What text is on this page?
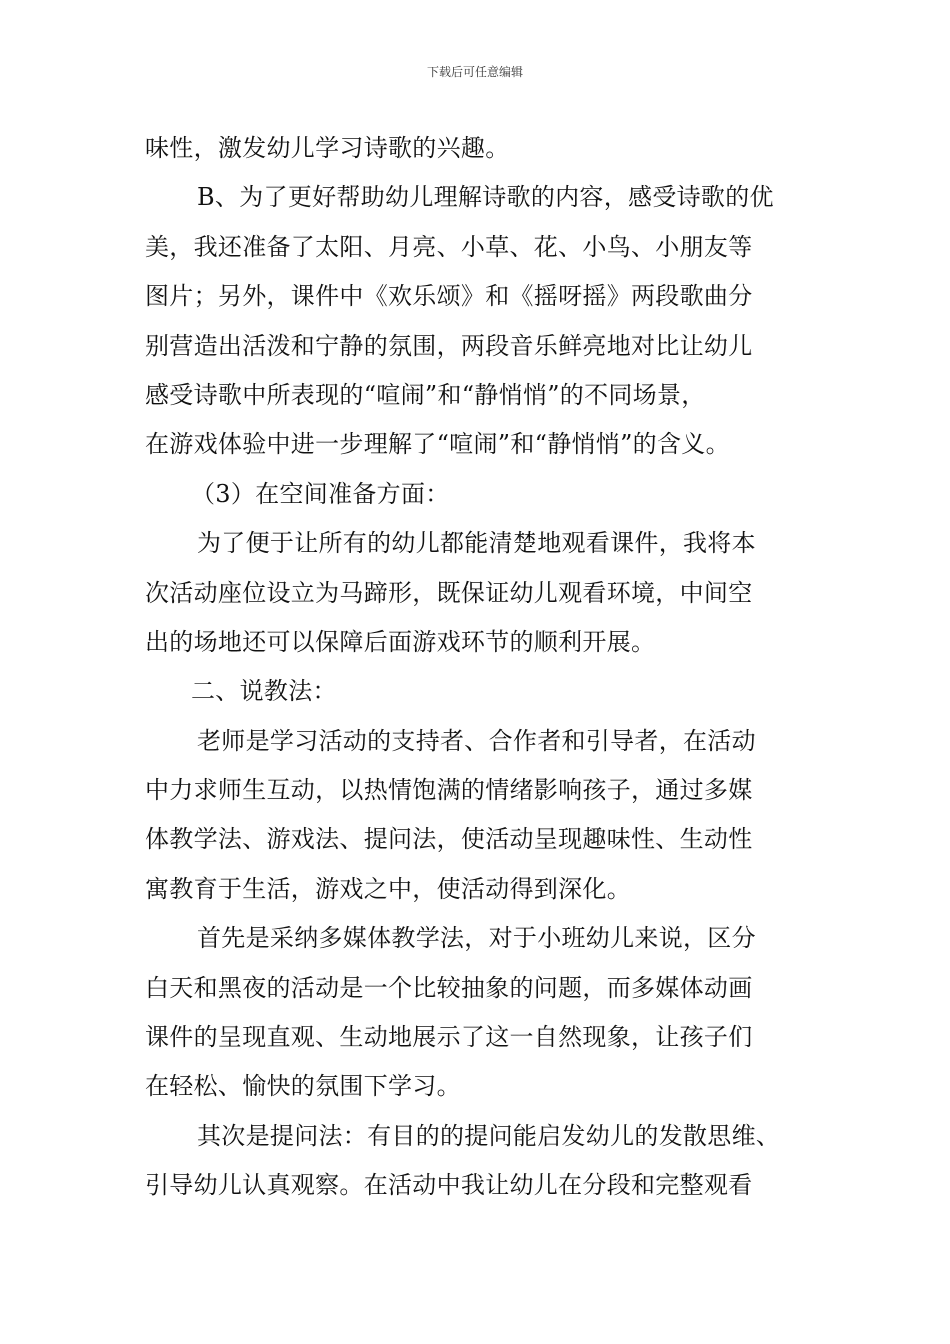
下载后可任意编辑
味性，激发幼儿学习诗歌的兴趣。
B、为了更好帮助幼儿理解诗歌的内容，感受诗歌的优
美，我还准备了太阳、月亮、小草、花、小鸟、小朋友等
图片；另外，课件中《欢乐颂》和《摇呀摇》两段歌曲分
别营造出活泼和宁静的氛围，两段音乐鲜亮地对比让幼儿
感受诗歌中所表现的“喧闹”和“静悄悄”的不同场景，
在游戏体验中进一步理解了“喧闹”和“静悄悄”的含义。
（3）在空间准备方面：
为了便于让所有的幼儿都能清楚地观看课件，我将本
次活动座位设立为马蹄形，既保证幼儿观看环境，中间空
出的场地还可以保障后面游戏环节的顺利开展。
二、说教法：
老师是学习活动的支持者、合作者和引导者，在活动
中力求师生互动，以热情饱满的情绪影响孩子，通过多媒
体教学法、游戏法、提问法，使活动呈现趣味性、生动性
寓教育于生活，游戏之中，使活动得到深化。
首先是采纳多媒体教学法，对于小班幼儿来说，区分
白天和黑夜的活动是一个比较抽象的问题，而多媒体动画
课件的呈现直观、生动地展示了这一自然现象，让孩子们
在轻松、愉快的氛围下学习。
其次是提问法：有目的的提问能启发幼儿的发散思维、
引导幼儿认真观察。在活动中我让幼儿在分段和完整观看
